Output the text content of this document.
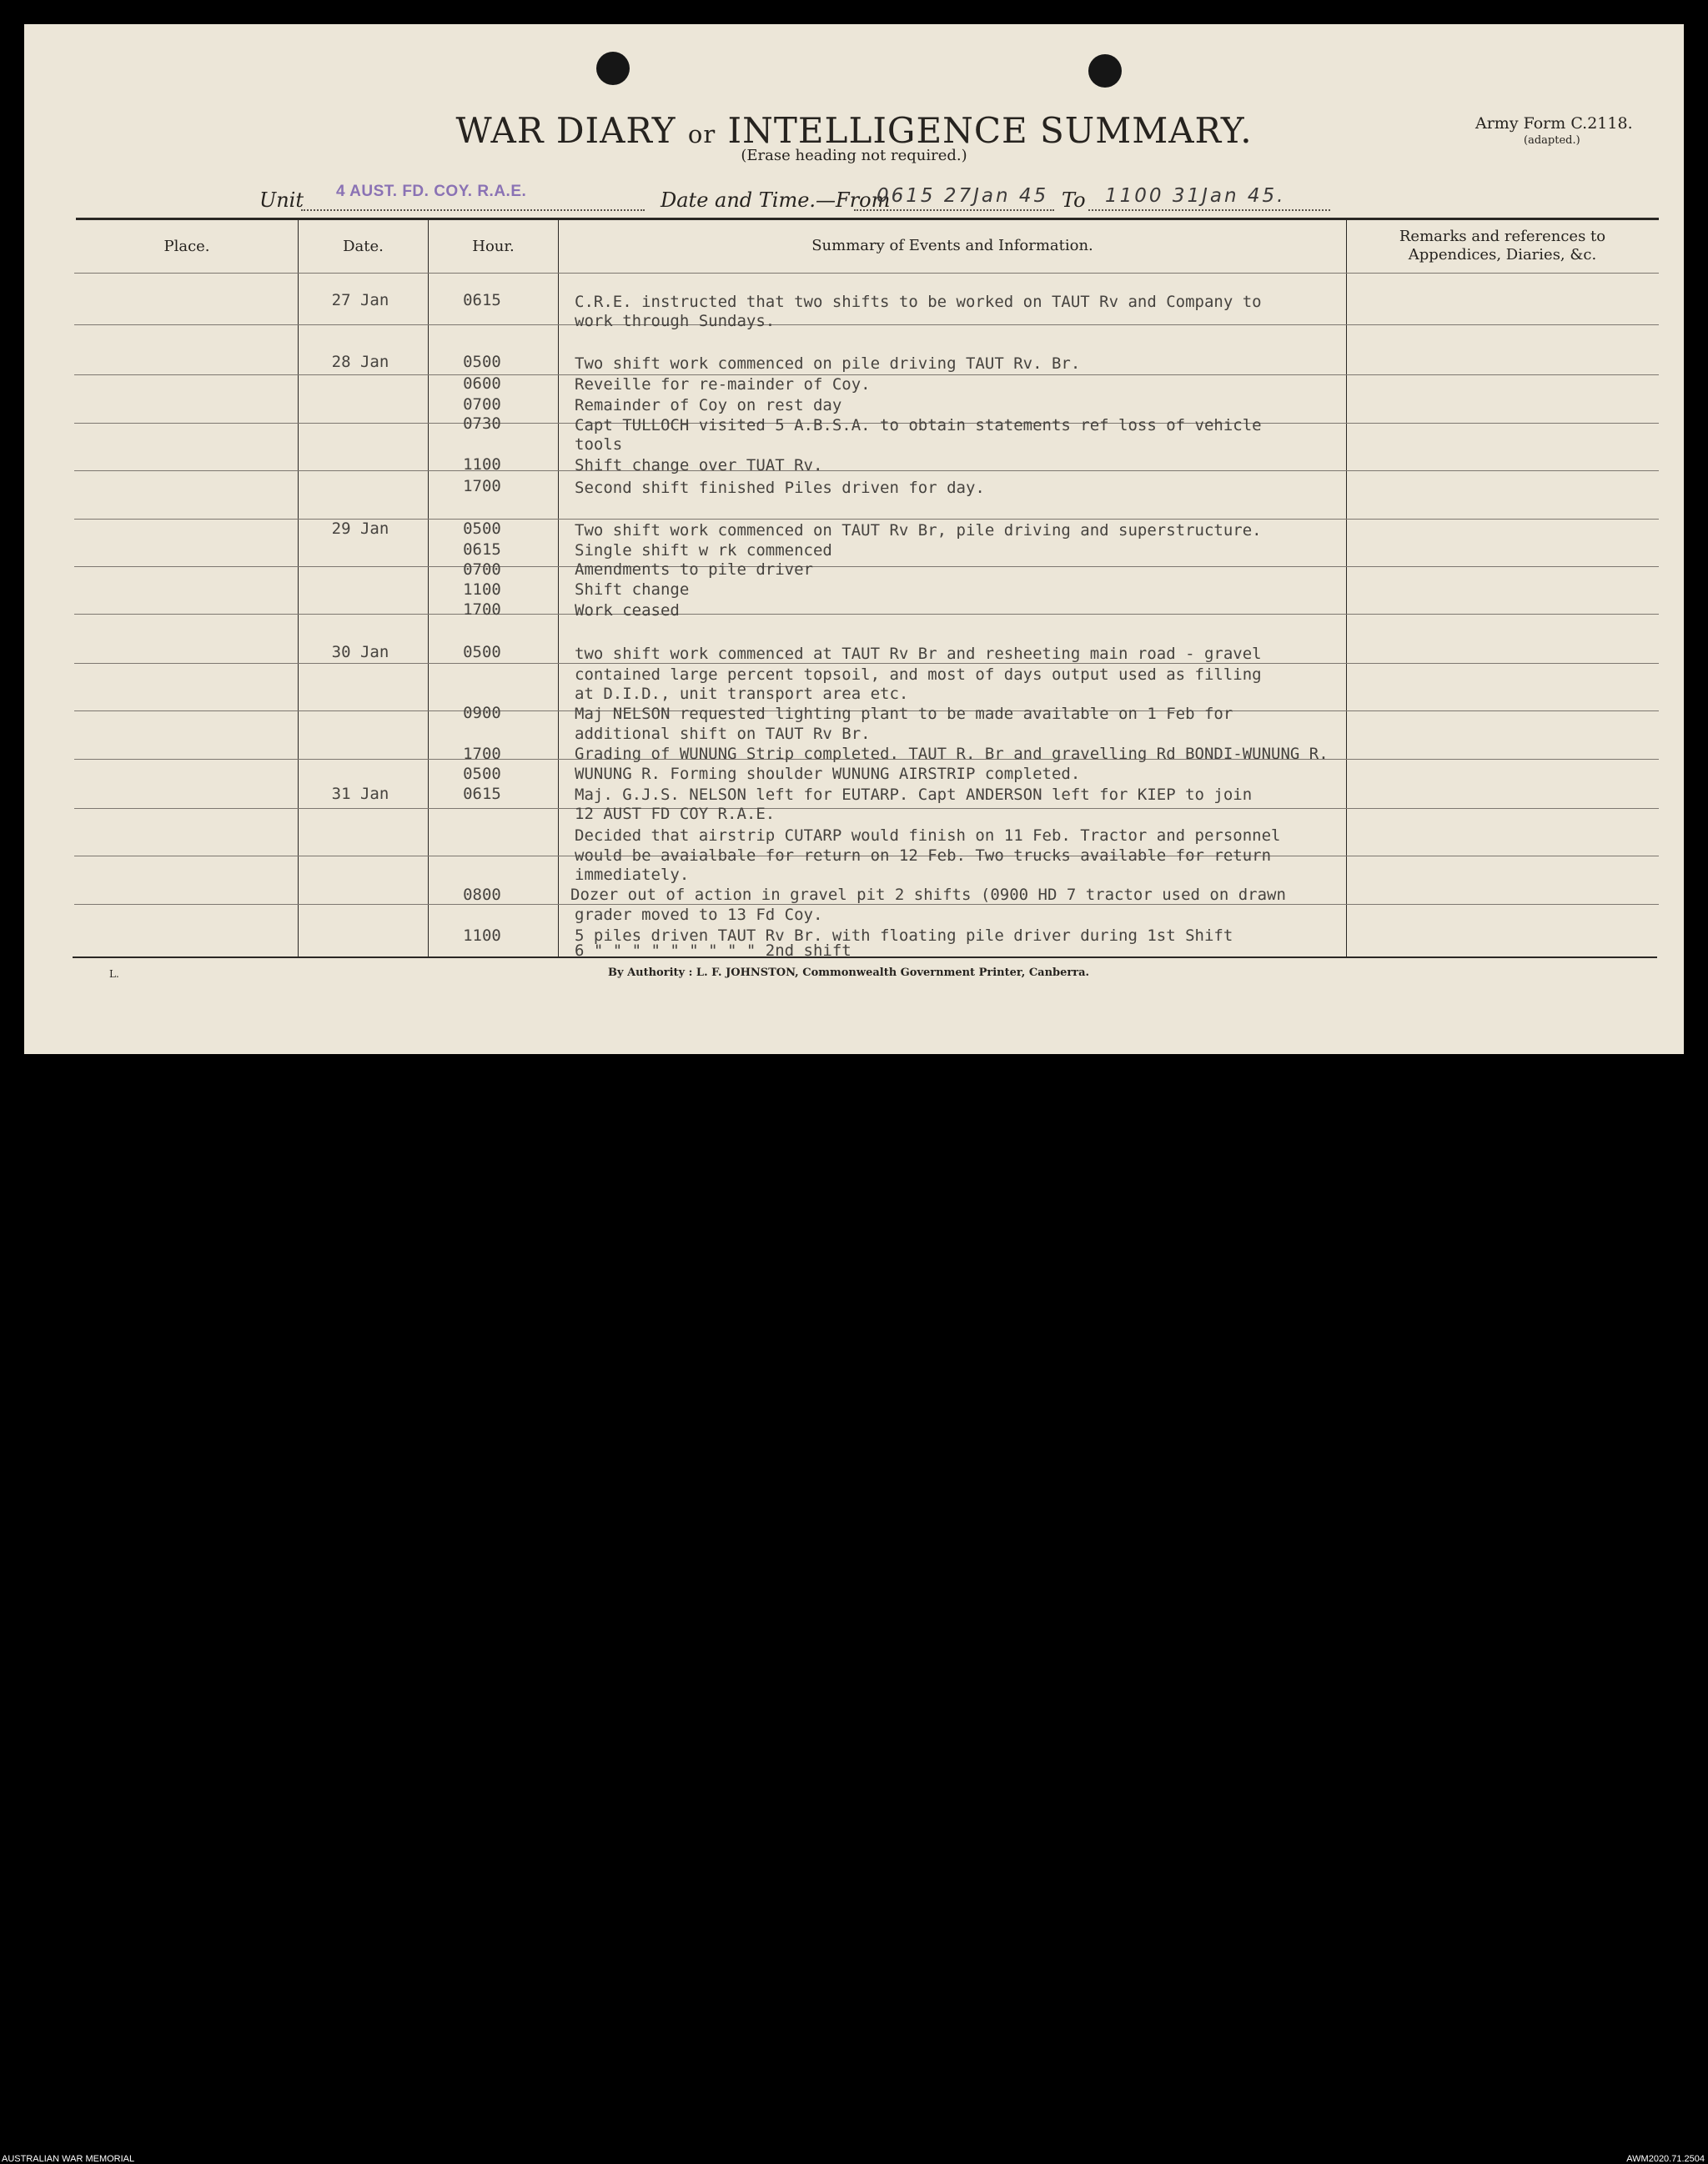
WAR DIARY or INTELLIGENCE SUMMARY.
(Erase heading not required.)
Army Form C.2118.
(adapted.)
Unit 4 AUST. FD. COY. R.A.E.	Date and Time.—From
0615 27Jan 45 To 1100 31Jan 45.
Place.	Date.	Hour.	Summary of Events and Information.
Remarks and references to Appendices, Diaries, &c.
27 Jan	0615	C.R.E. instructed that two shifts to be worked on TAUT Rv and Company to
work through Sundays.
28 Jan	0500	Two shift work commenced on pile driving TAUT Rv. Br.
0600	Reveille for re-mainder of Coy.
0700	Remainder of Coy on rest day
0730	Capt TULLOCH visited 5 A.B.S.A. to obtain statements ref loss of vehicle
tools
1100	Shift change over TUAT Rv.
1700	Second shift finished Piles driven for day.
29 Jan	0500	Two shift work commenced on TAUT Rv Br, pile driving and superstructure.
0615	Single shift w rk commenced
0700	Amendments to pile driver
1100	Shift change
1700	Work ceased
30 Jan	0500	two shift work commenced at TAUT Rv Br and resheeting main road - gravel
contained large percent topsoil, and most of days output used as filling
at D.I.D., unit transport area etc.
0900	Maj NELSON requested lighting plant to be made available on 1 Feb for
additional shift on TAUT Rv Br.
1700	Grading of WUNUNG Strip completed. TAUT R. Br and gravelling Rd BONDI-WUNUNG R.
0500	WUNUNG R. Forming shoulder WUNUNG AIRSTRIP completed.
31 Jan	0615	Maj. G.J.S. NELSON left for EUTARP. Capt ANDERSON left for KIEP to join
12 AUST FD COY R.A.E.
Decided that airstrip CUTARP would finish on 11 Feb. Tractor and personnel
would be avaialbale for return on 12 Feb. Two trucks available for return
immediately.
0800	Dozer out of action in gravel pit 2 shifts (0900 HD 7 tractor used on drawn
grader moved to 13 Fd Coy.
1100	5 piles driven TAUT Rv Br. with floating pile driver during 1st Shift
6 " " " " " " " " " 2nd shift
L.	By Authority : L. F. JOHNSTON, Commonwealth Government Printer, Canberra.
AUSTRALIAN WAR MEMORIAL	AWM2020.71.2504
